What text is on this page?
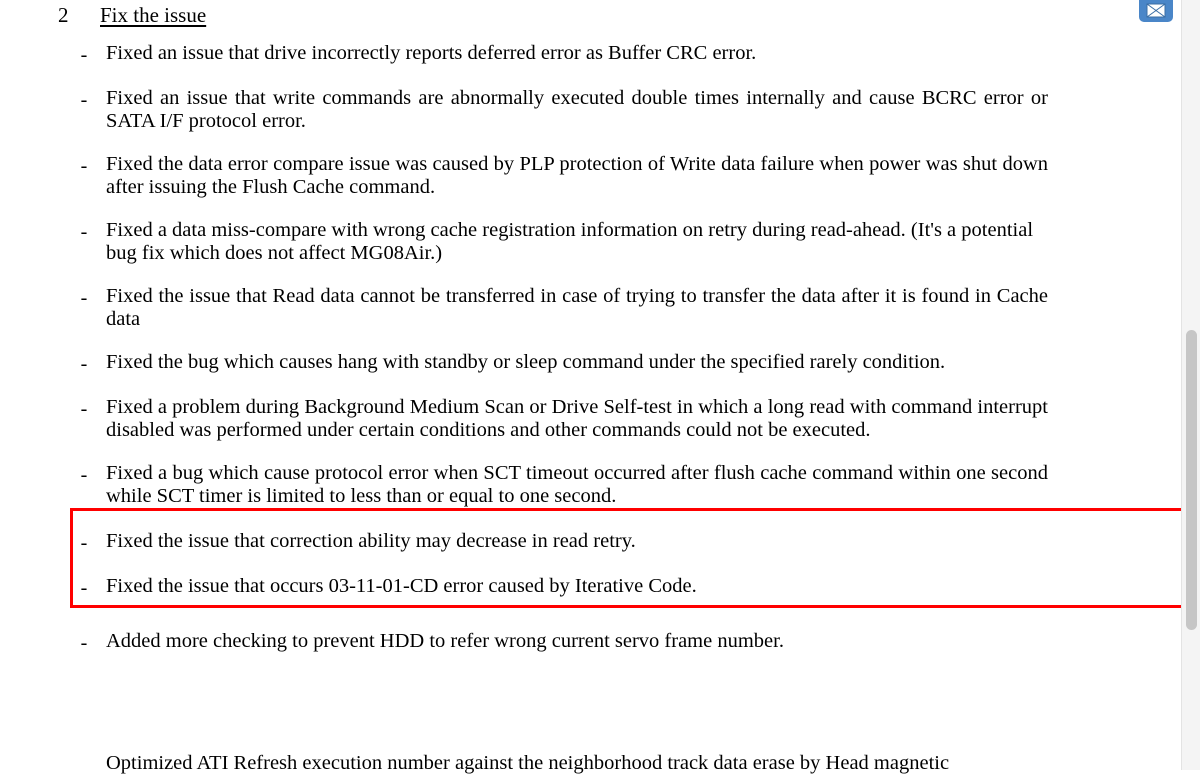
2	Fix the issue
- Fixed an issue that drive incorrectly reports deferred error as Buffer CRC error.
- Fixed an issue that write commands are abnormally executed double times internally and cause BCRC error or SATA I/F protocol error.
- Fixed the data error compare issue was caused by PLP protection of Write data failure when power was shut down after issuing the Flush Cache command.
- Fixed a data miss-compare with wrong cache registration information on retry during read-ahead. (It's a potential bug fix which does not affect MG08Air.)
- Fixed the issue that Read data cannot be transferred in case of trying to transfer the data after it is found in Cache data
- Fixed the bug which causes hang with standby or sleep command under the specified rarely condition.
- Fixed a problem during Background Medium Scan or Drive Self-test in which a long read with command interrupt disabled was performed under certain conditions and other commands could not be executed.
- Fixed a bug which cause protocol error when SCT timeout occurred after flush cache command within one second while SCT timer is limited to less than or equal to one second.
- Fixed the issue that correction ability may decrease in read retry.
- Fixed the issue that occurs 03-11-01-CD error caused by Iterative Code.
- Added more checking to prevent HDD to refer wrong current servo frame number.
Optimized ATI Refresh execution number against the neighborhood track data erase by Head magnetic
